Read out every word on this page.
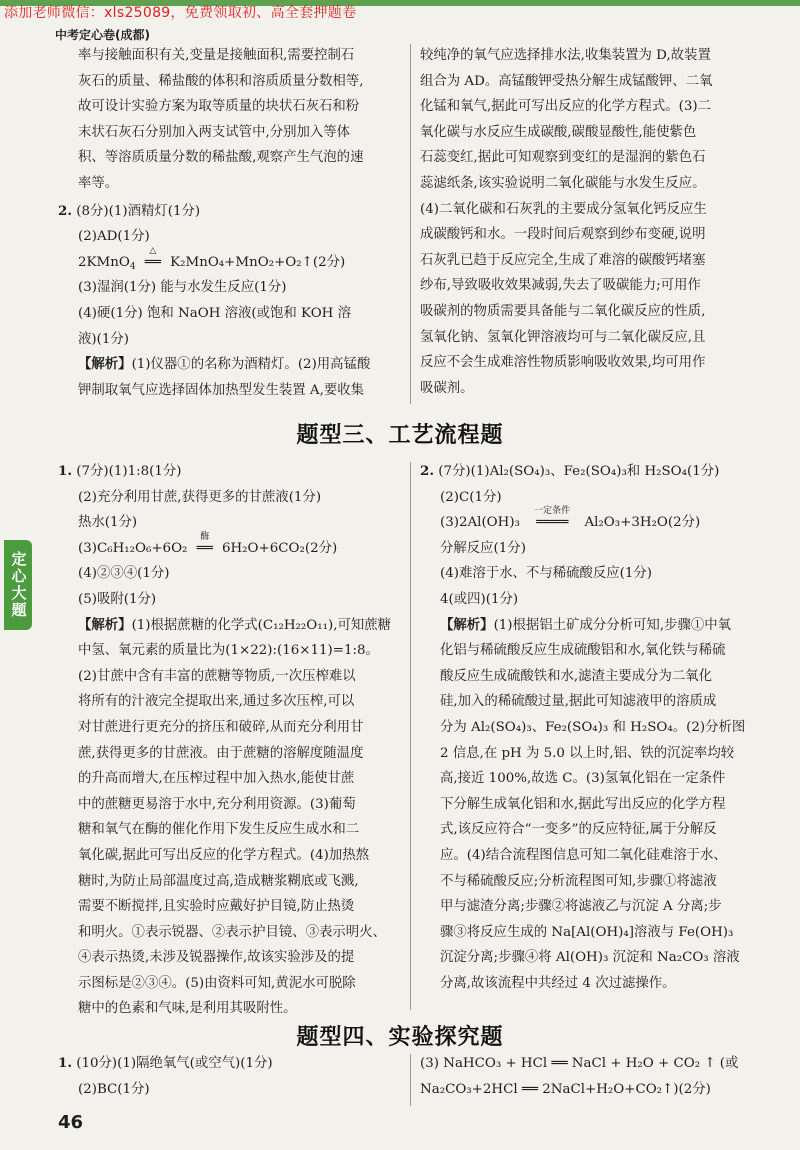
添加老师微信：xls25089，免费领取初、高全套押题卷
中考定心卷(成都)

率与接触面积有关,变量是接触面积,需要控制石

灰石的质量、稀盐酸的体积和溶质质量分数相等,

故可设计实验方案为取等质量的块状石灰石和粉

末状石灰石分别加入两支试管中,分别加入等体

积、等溶质质量分数的稀盐酸,观察产生气泡的速

率等。

2. (8分)(1)酒精灯(1分)

(2)AD(1分)

2KMnO$_4$
△
══ K₂MnO₄+MnO₂+O₂↑(2分)

(3)湿润(1分) 能与水发生反应(1分)

(4)硬(1分) 饱和 NaOH 溶液(或饱和 KOH 溶

液)(1分)

【解析】(1)仪器①的名称为酒精灯。(2)用高锰酸

钾制取氧气应选择固体加热型发生装置 A,要收集

较纯净的氧气应选择排水法,收集装置为 D,故装置

组合为 AD。高锰酸钾受热分解生成锰酸钾、二氧

化锰和氧气,据此可写出反应的化学方程式。(3)二

氧化碳与水反应生成碳酸,碳酸显酸性,能使紫色

石蕊变红,据此可知观察到变红的是湿润的紫色石

蕊滤纸条,该实验说明二氧化碳能与水发生反应。

(4)二氧化碳和石灰乳的主要成分氢氧化钙反应生

成碳酸钙和水。一段时间后观察到纱布变硬,说明

石灰乳已趋于反应完全,生成了难溶的碳酸钙堵塞

纱布,导致吸收效果减弱,失去了吸碳能力;可用作

吸碳剂的物质需要具备能与二氧化碳反应的性质,

氢氧化钠、氢氧化钾溶液均可与二氧化碳反应,且

反应不会生成难溶性物质影响吸收效果,均可用作

吸碳剂。

题型三、工艺流程题

1. (7分)(1)1:8(1分)

(2)充分利用甘蔗,获得更多的甘蔗液(1分)

热水(1分)

(3)C₆H₁₂O₆+6O₂
酶
══ 6H₂O+6CO₂(2分)

(4)②③④(1分)

(5)吸附(1分)

【解析】(1)根据蔗糖的化学式(C₁₂H₂₂O₁₁),可知蔗糖

中氢、氧元素的质量比为(1×22):(16×11)=1:8。

(2)甘蔗中含有丰富的蔗糖等物质,一次压榨难以

将所有的汁液完全提取出来,通过多次压榨,可以

对甘蔗进行更充分的挤压和破碎,从而充分利用甘

蔗,获得更多的甘蔗液。由于蔗糖的溶解度随温度

的升高而增大,在压榨过程中加入热水,能使甘蔗

中的蔗糖更易溶于水中,充分利用资源。(3)葡萄

糖和氧气在酶的催化作用下发生反应生成水和二

氧化碳,据此可写出反应的化学方程式。(4)加热熬

糖时,为防止局部温度过高,造成糖浆糊底或飞溅,

需要不断搅拌,且实验时应戴好护目镜,防止热烫

和明火。①表示锐器、②表示护目镜、③表示明火、

④表示热烫,未涉及锐器操作,故该实验涉及的提

示图标是②③④。(5)由资料可知,黄泥水可脱除

糖中的色素和气味,是利用其吸附性。

2. (7分)(1)Al₂(SO₄)₃、Fe₂(SO₄)₃和 H₂SO₄(1分)

(2)C(1分)

(3)2Al(OH)₃
一定条件
════ Al₂O₃+3H₂O(2分)

分解反应(1分)

(4)难溶于水、不与稀硫酸反应(1分)

4(或四)(1分)

【解析】(1)根据铝土矿成分分析可知,步骤①中氧

化铝与稀硫酸反应生成硫酸铝和水,氧化铁与稀硫

酸反应生成硫酸铁和水,滤渣主要成分为二氧化

硅,加入的稀硫酸过量,据此可知滤液甲的溶质成

分为 Al₂(SO₄)₃、Fe₂(SO₄)₃ 和 H₂SO₄。(2)分析图

2 信息,在 pH 为 5.0 以上时,铝、铁的沉淀率均较

高,接近 100%,故选 C。(3)氢氧化铝在一定条件

下分解生成氧化铝和水,据此写出反应的化学方程

式,该反应符合“一变多”的反应特征,属于分解反

应。(4)结合流程图信息可知二氧化硅难溶于水、

不与稀硫酸反应;分析流程图可知,步骤①将滤液

甲与滤渣分离;步骤②将滤液乙与沉淀 A 分离;步

骤③将反应生成的 Na[Al(OH)₄]溶液与 Fe(OH)₃

沉淀分离;步骤④将 Al(OH)₃ 沉淀和 Na₂CO₃ 溶液

分离,故该流程中共经过 4 次过滤操作。

题型四、实验探究题

1. (10分)(1)隔绝氧气(或空气)(1分)

(2)BC(1分)

(3) NaHCO₃ + HCl ══ NaCl + H₂O + CO₂ ↑ (或

Na₂CO₃+2HCl ══ 2NaCl+H₂O+CO₂↑)(2分)

定心大题
46
